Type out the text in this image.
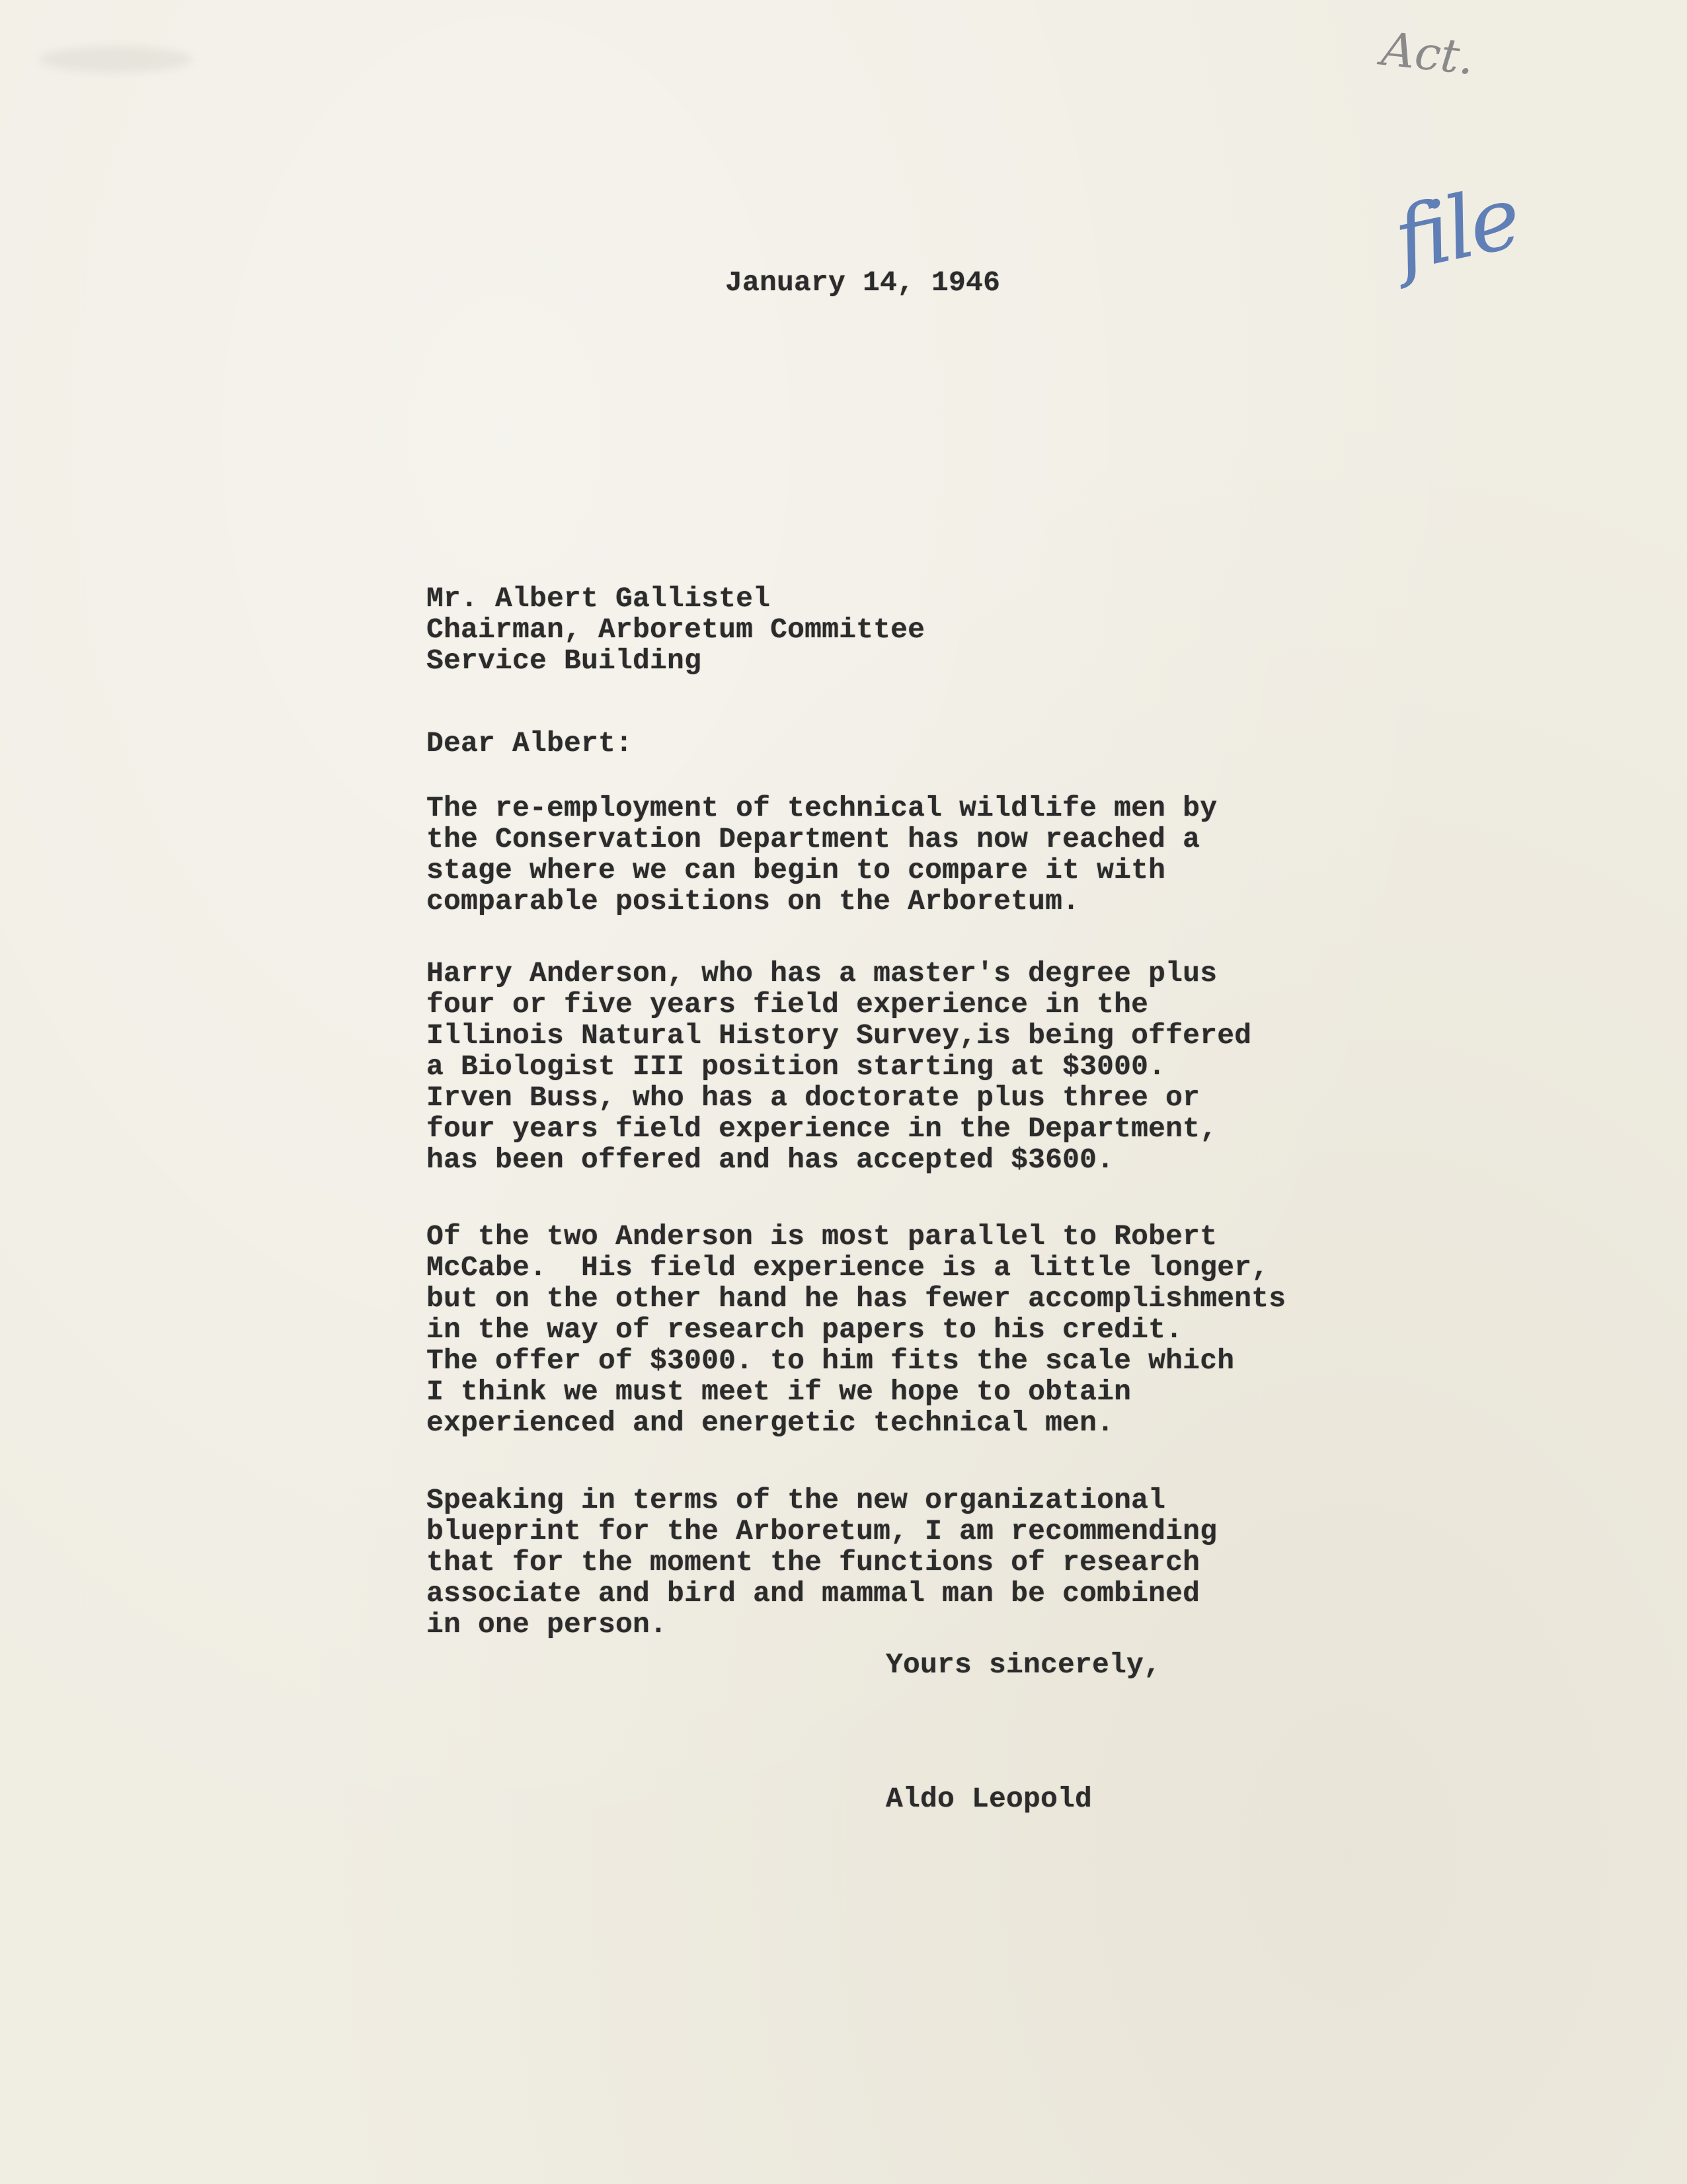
Act.
file
January 14, 1946
Mr. Albert Gallistel
Chairman, Arboretum Committee
Service Building
Dear Albert:
The re-employment of technical wildlife men by
the Conservation Department has now reached a
stage where we can begin to compare it with
comparable positions on the Arboretum.
Harry Anderson, who has a master's degree plus
four or five years field experience in the
Illinois Natural History Survey,is being offered
a Biologist III position starting at $3000.
Irven Buss, who has a doctorate plus three or
four years field experience in the Department,
has been offered and has accepted $3600.
Of the two Anderson is most parallel to Robert
McCabe.  His field experience is a little longer,
but on the other hand he has fewer accomplishments
in the way of research papers to his credit.
The offer of $3000. to him fits the scale which
I think we must meet if we hope to obtain
experienced and energetic technical men.
Speaking in terms of the new organizational
blueprint for the Arboretum, I am recommending
that for the moment the functions of research
associate and bird and mammal man be combined
in one person.
Yours sincerely,
Aldo Leopold
